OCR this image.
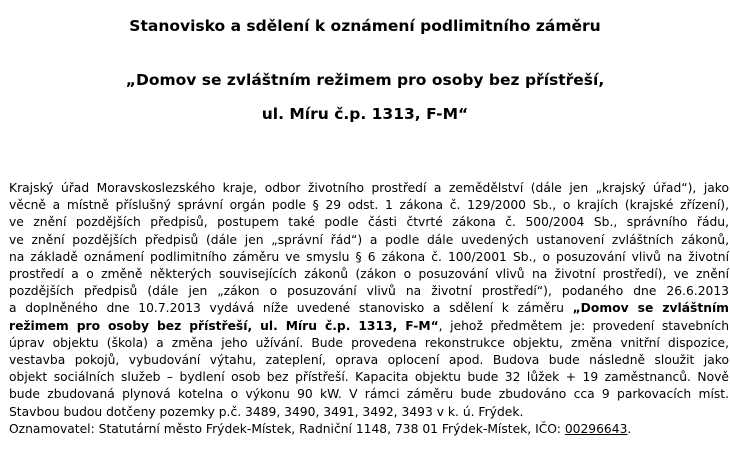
Stanovisko a sdělení k oznámení podlimitního záměru
„Domov se zvláštním režimem pro osoby bez přístřeší,
ul. Míru č.p. 1313, F-M“
Krajský úřad Moravskoslezského kraje, odbor životního prostředí a zemědělství (dále jen „krajský úřad“), jako
věcně a místně příslušný správní orgán podle § 29 odst. 1 zákona č. 129/2000 Sb., o krajích (krajské zřízení),
ve znění pozdějších předpisů, postupem také podle části čtvrté zákona č. 500/2004 Sb., správního řádu,
ve znění pozdějších předpisů (dále jen „správní řád“) a podle dále uvedených ustanovení zvláštních zákonů,
na základě oznámení podlimitního záměru ve smyslu § 6 zákona č. 100/2001 Sb., o posuzování vlivů na životní
prostředí a o změně některých souvisejících zákonů (zákon o posuzování vlivů na životní prostředí), ve znění
pozdějších předpisů (dále jen „zákon o posuzování vlivů na životní prostředí“), podaného dne 26.6.2013
a doplněného dne 10.7.2013 vydává níže uvedené stanovisko a sdělení k záměru „Domov se zvláštním
režimem pro osoby bez přístřeší, ul. Míru č.p. 1313, F-M“, jehož předmětem je: provedení stavebních
úprav objektu (škola) a změna jeho užívání. Bude provedena rekonstrukce objektu, změna vnitřní dispozice,
vestavba pokojů, vybudování výtahu, zateplení, oprava oplocení apod. Budova bude následně sloužit jako
objekt sociálních služeb – bydlení osob bez přístřeší. Kapacita objektu bude 32 lůžek + 19 zaměstnanců. Nově
bude zbudovaná plynová kotelna o výkonu 90 kW. V rámci záměru bude zbudováno cca 9 parkovacích míst.
Stavbou budou dotčeny pozemky p.č. 3489, 3490, 3491, 3492, 3493 v k. ú. Frýdek.
Oznamovatel: Statutární město Frýdek-Místek, Radniční 1148, 738 01 Frýdek-Místek, IČO: 00296643.
